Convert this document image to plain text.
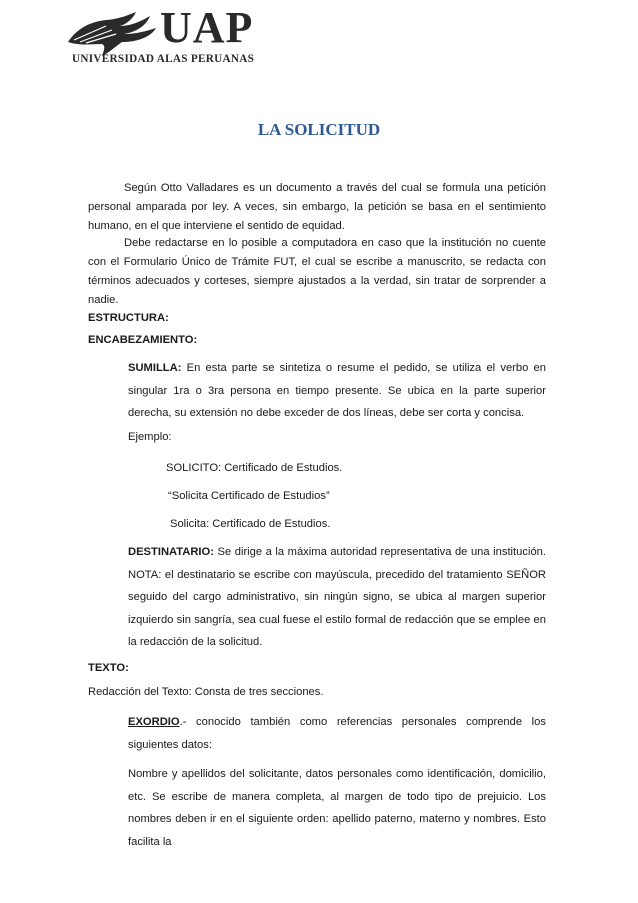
UAP
UNIVERSIDAD ALAS PERUANAS
LA SOLICITUD
Según Otto Valladares es un documento a través del cual se formula una petición personal amparada por ley. A veces, sin embargo, la petición se basa en el sentimiento humano, en el que interviene el sentido de equidad.
Debe redactarse en lo posible a computadora en caso que la institución no cuente con el Formulario Único de Trámite FUT, el cual se escribe a manuscrito, se redacta con términos adecuados y corteses, siempre ajustados a la verdad, sin tratar de sorprender a nadie.
ESTRUCTURA:
ENCABEZAMIENTO:
SUMILLA: En esta parte se sintetiza o resume el pedido, se utiliza el verbo en singular 1ra o 3ra persona en tiempo presente. Se ubica en la parte superior derecha, su extensión no debe exceder de dos líneas, debe ser corta y concisa.
Ejemplo:
SOLICITO: Certificado de Estudios.
“Solicita Certificado de Estudios”
Solicita: Certificado de Estudios.
DESTINATARIO: Se dirige a la máxima autoridad representativa de una institución. NOTA: el destinatario se escribe con mayúscula, precedido del tratamiento SEÑOR seguido del cargo administrativo, sin ningún signo, se ubica al margen superior izquierdo sin sangría, sea cual fuese el estilo formal de redacción que se emplee en la redacción de la solicitud.
TEXTO:
Redacción del Texto: Consta de tres secciones.
EXORDIO.- conocido también como referencias personales comprende los siguientes datos:
Nombre y apellidos del solicitante, datos personales como identificación, domicilio, etc. Se escribe de manera completa, al margen de todo tipo de prejuicio. Los nombres deben ir en el siguiente orden: apellido paterno, materno y nombres. Esto facilita la
